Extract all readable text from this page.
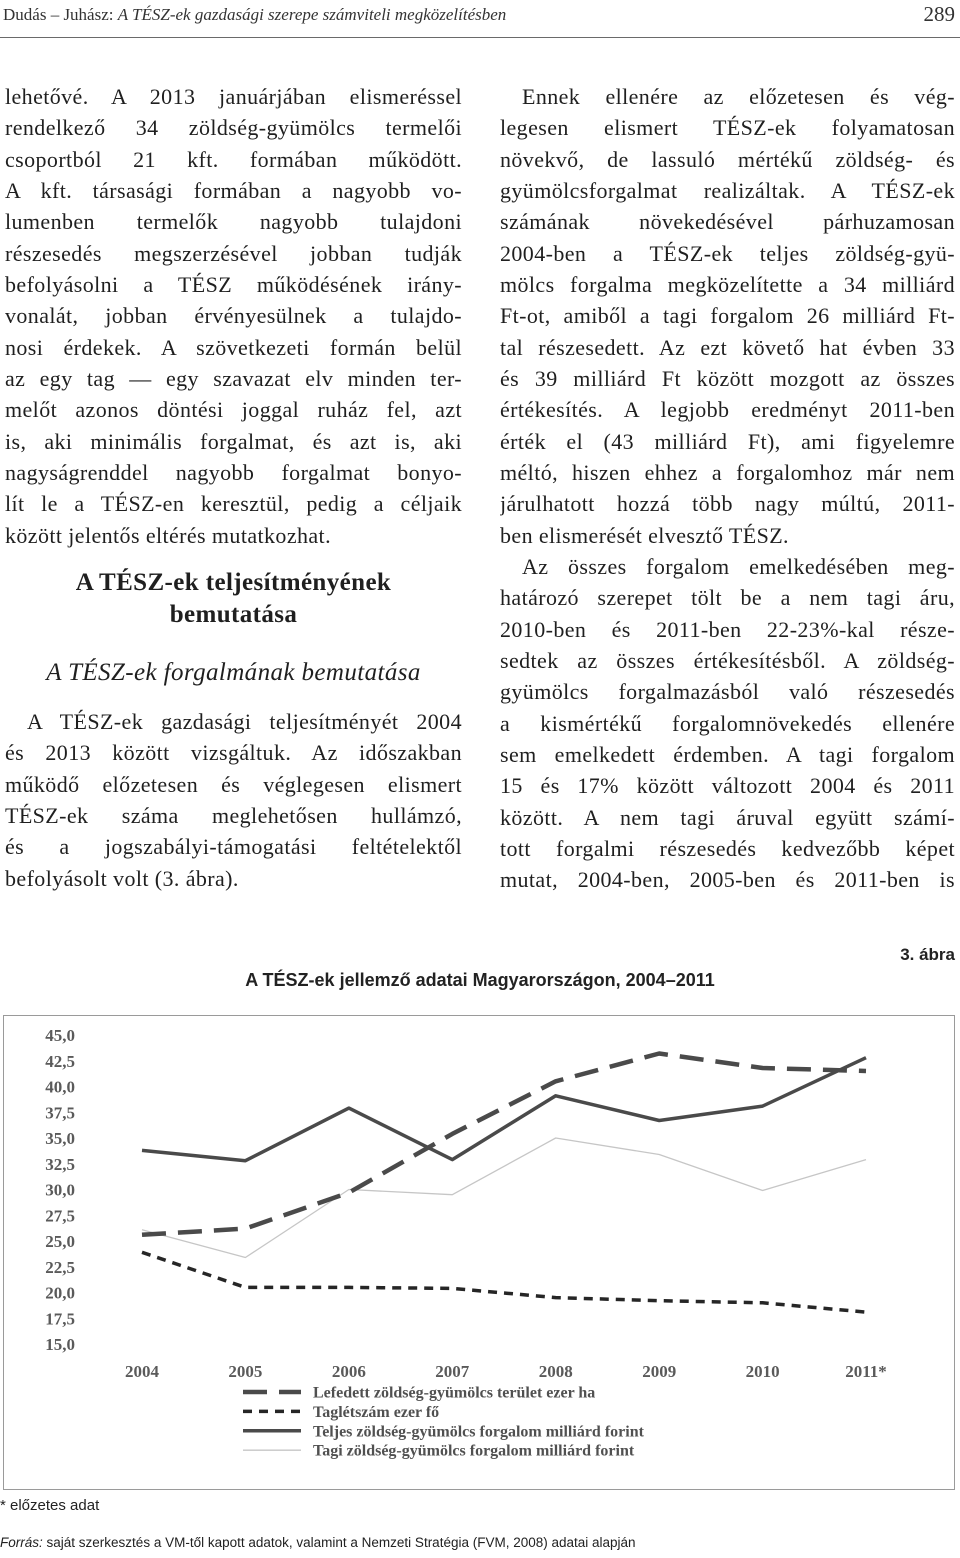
Dudás – Juhász: A TÉSZ-ek gazdasági szerepe számviteli megközelítésben	289
lehetővé. A 2013 januárjában elismeréssel
rendelkező 34 zöldség-gyümölcs termelői
csoportból 21 kft. formában működött.
A kft. társasági formában a nagyobb vo-
lumenben termelők nagyobb tulajdoni
részesedés megszerzésével jobban tudják
befolyásolni a TÉSZ működésének irány-
vonalát, jobban érvényesülnek a tulajdo-
nosi érdekek. A szövetkezeti formán belül
az egy tag — egy szavazat elv minden ter-
melőt azonos döntési joggal ruház fel, azt
is, aki minimális forgalmat, és azt is, aki
nagyságrenddel nagyobb forgalmat bonyo-
lít le a TÉSZ-en keresztül, pedig a céljaik
között jelentős eltérés mutatkozhat.
A TÉSZ-ek teljesítményének
bemutatása
A TÉSZ-ek forgalmának bemutatása
A TÉSZ-ek gazdasági teljesítményét 2004
és 2013 között vizsgáltuk. Az időszakban
működő előzetesen és véglegesen elismert
TÉSZ-ek száma meglehetősen hullámzó,
és a jogszabályi-támogatási feltételektől
befolyásolt volt (3. ábra).
Ennek ellenére az előzetesen és vég-
legesen elismert TÉSZ-ek folyamatosan
növekvő, de lassuló mértékű zöldség- és
gyümölcsforgalmat realizáltak. A TÉSZ-ek
számának növekedésével párhuzamosan
2004-ben a TÉSZ-ek teljes zöldség-gyü-
mölcs forgalma megközelítette a 34 milliárd
Ft-ot, amiből a tagi forgalom 26 milliárd Ft-
tal részesedett. Az ezt követő hat évben 33
és 39 milliárd Ft között mozgott az összes
értékesítés. A legjobb eredményt 2011-ben
érték el (43 milliárd Ft), ami figyelemre
méltó, hiszen ehhez a forgalomhoz már nem
járulhatott hozzá több nagy múltú, 2011-
ben elismerését elvesztő TÉSZ.
Az összes forgalom emelkedésében meg-
határozó szerepet tölt be a nem tagi áru,
2010-ben és 2011-ben 22-23%-kal része-
sedtek az összes értékesítésből. A zöldség-
gyümölcs forgalmazásból való részesedés
a kismértékű forgalomnövekedés ellenére
sem emelkedett érdemben. A tagi forgalom
15 és 17% között változott 2004 és 2011
között. A nem tagi áruval együtt számí-
tott forgalmi részesedés kedvezőbb képet
mutat, 2004-ben, 2005-ben és 2011-ben is
3. ábra
A TÉSZ-ek jellemző adatai Magyarországon, 2004–2011
45,0
42,5
40,0
37,5
35,0
32,5
30,0
27,5
25,0
22,5
20,0
17,5
15,0
2004	2005	2006	2007	2008	2009	2010	2011*
Lefedett zöldség-gyümölcs terület ezer ha
Taglétszám ezer fő
Teljes zöldség-gyümölcs forgalom milliárd forint
Tagi zöldség-gyümölcs forgalom milliárd forint
* előzetes adat
Forrás: saját szerkesztés a VM-től kapott adatok, valamint a Nemzeti Stratégia (FVM, 2008) adatai alapján
